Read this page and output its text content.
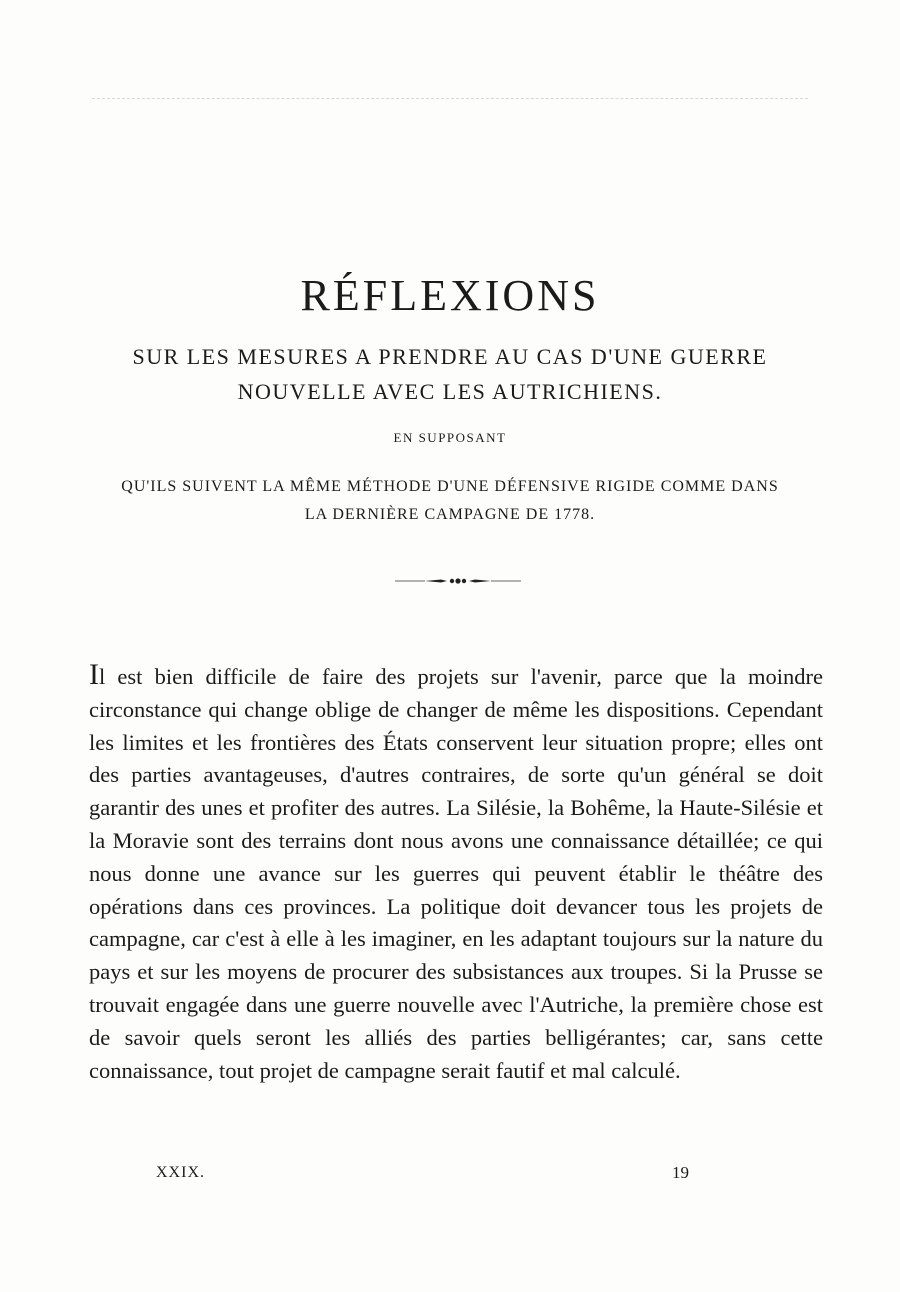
RÉFLEXIONS
SUR LES MESURES A PRENDRE AU CAS D'UNE GUERRE
NOUVELLE AVEC LES AUTRICHIENS.
EN SUPPOSANT
QU'ILS SUIVENT LA MÊME MÉTHODE D'UNE DÉFENSIVE RIGIDE COMME DANS
LA DERNIÈRE CAMPAGNE DE 1778.

Il est bien difficile de faire des projets sur l'avenir, parce que la moindre circonstance qui change oblige de changer de même les dispositions. Cependant les limites et les frontières des États conservent leur situation propre; elles ont des parties avantageuses, d'autres contraires, de sorte qu'un général se doit garantir des unes et profiter des autres. La Silésie, la Bohême, la Haute-Silésie et la Moravie sont des terrains dont nous avons une connaissance détaillée; ce qui nous donne une avance sur les guerres qui peuvent établir le théâtre des opérations dans ces provinces. La politique doit devancer tous les projets de campagne, car c'est à elle à les imaginer, en les adaptant toujours sur la nature du pays et sur les moyens de procurer des subsistances aux troupes. Si la Prusse se trouvait engagée dans une guerre nouvelle avec l'Autriche, la première chose est de savoir quels seront les alliés des parties belligérantes; car, sans cette connaissance, tout projet de campagne serait fautif et mal calculé.

XXIX.	19
